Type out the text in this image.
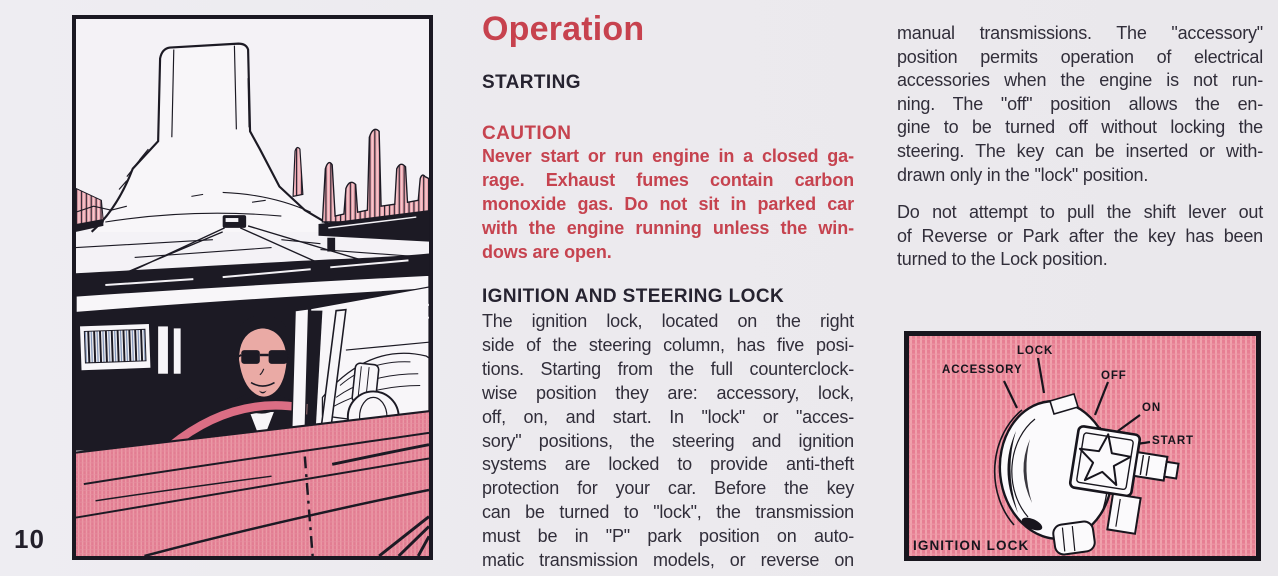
10
Operation
STARTING
CAUTION
Never start or run engine in a closed ga-
rage. Exhaust fumes contain carbon
monoxide gas. Do not sit in parked car
with the engine running unless the win-
dows are open.
IGNITION AND STEERING LOCK
The ignition lock, located on the right
side of the steering column, has five posi-
tions. Starting from the full counterclock-
wise position they are: accessory, lock,
off, on, and start. In "lock" or "acces-
sory" positions, the steering and ignition
systems are locked to provide anti-theft
protection for your car. Before the key
can be turned to "lock", the transmission
must be in "P" park position on auto-
matic transmission models, or reverse on
manual transmissions. The "accessory"
position permits operation of electrical
accessories when the engine is not run-
ning. The "off" position allows the en-
gine to be turned off without locking the
steering. The key can be inserted or with-
drawn only in the "lock" position.
Do not attempt to pull the shift lever out
of Reverse or Park after the key has been
turned to the Lock position.
ACCESSORY
LOCK
OFF
ON
START
IGNITION LOCK
